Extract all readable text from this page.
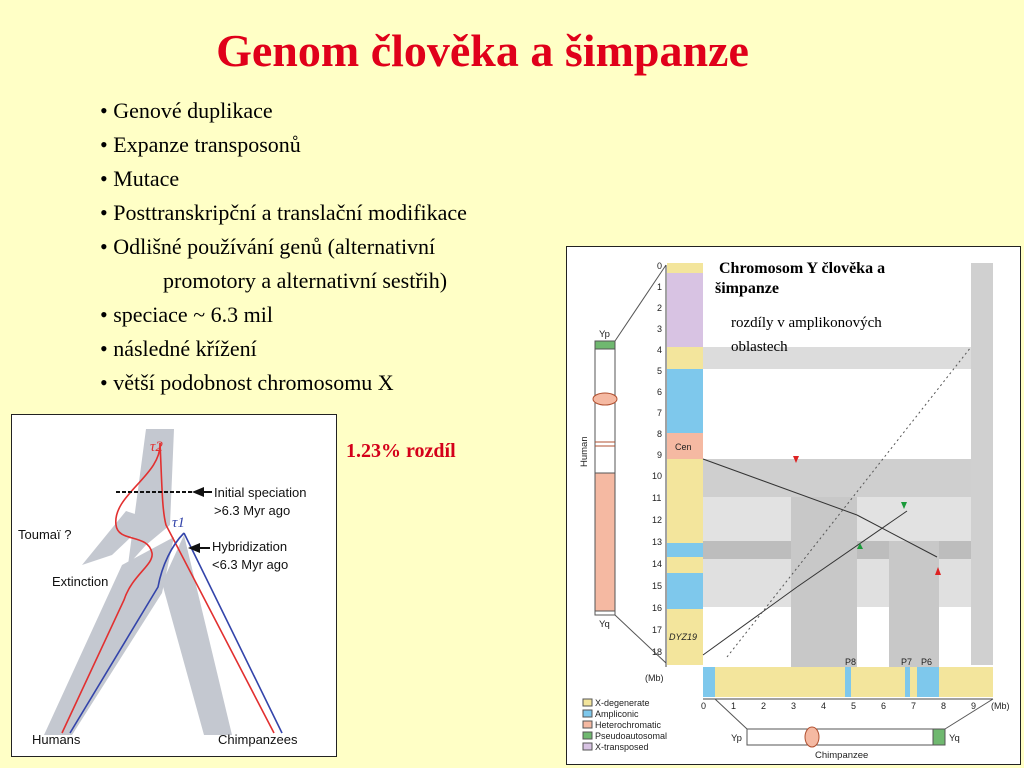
Genom člověka a šimpanze
• Genové duplikace
• Expanze transposonů
• Mutace
• Posttranskripční a translační modifikace
• Odlišné používání genů (alternativní
promotory a alternativní sestřih)
• speciace ~ 6.3 mil
• následné křížení
• větší podobnost chromosomu X
1.23% rozdíl
τ2
τ1
Initial speciation
>6.3 Myr ago
Hybridization
<6.3 Myr ago
Toumaï ?
Extinction
Humans	Chimpanzees
Yp
Yq
Human
0
1
2
3
4
5
6
7
8
9
10
11
12
13
14
15
16
17
18
(Mb)
Cen
DYZ19
Chromosom Y člověka a
šimpanze
rozdíly v amplikonových
oblastech
P8	P7 P6
0	1	2	3	4	5	6	7	8	9 (Mb)
Yp	Yq
Chimpanzee
X-degenerate
Ampliconic
Heterochromatic
Pseudoautosomal
X-transposed
